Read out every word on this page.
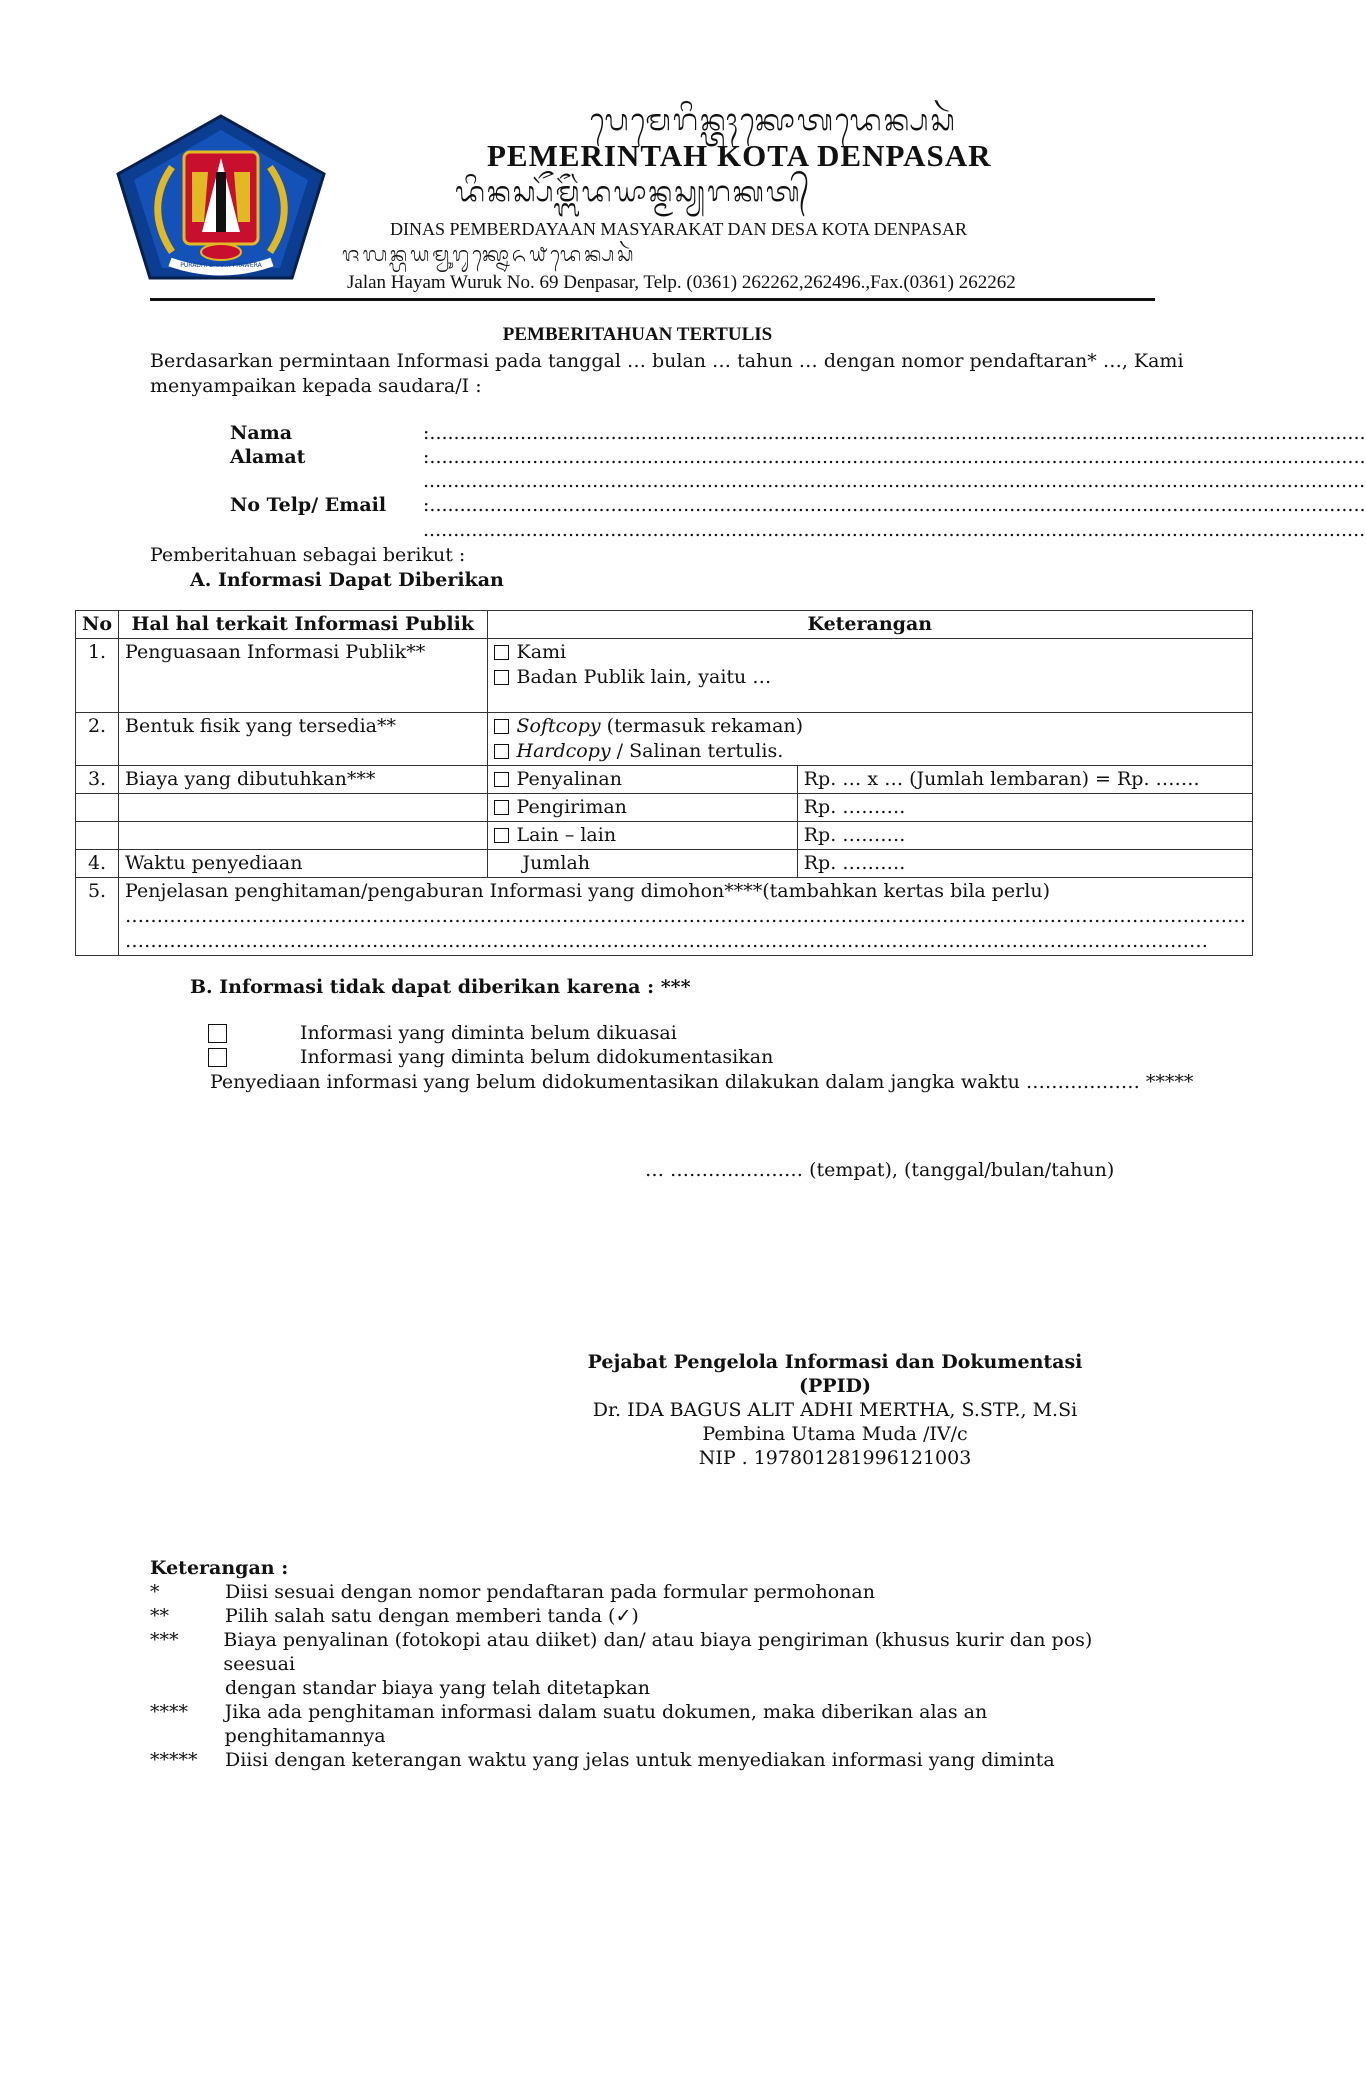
PURADHI BHAKTI PRAWERA
ᬧᬾᬫᬾᬭᬶᬦ᭄ᬢᬄᬓᭀᬢᬤᬾᬦ᭄ᬧᬲᬃ
PEMERINTAH KOTA DENPASAR
ᬤᬶᬦᬲ᭄ᬧᭂᬫ᭄ᬩᭂᬃᬤᬬᬵᬦ᭄ᬫᬲ᭄ᬬᬭᬓᬢ᭄
DINAS PEMBERDAYAAN MASYARAKAT DAN DESA KOTA DENPASAR
ᬚᬮᬦ᭄ᬳᬬᬫ᭄ᬯᬸᬭᬸᬓ᭄ᬦᭀ᭖᭙ᬤᬾᬦ᭄ᬧᬲᬃ
Jalan Hayam Wuruk No. 69 Denpasar, Telp. (0361) 262262,262496.,Fax.(0361) 262262
PEMBERITAHUAN TERTULIS
Berdasarkan permintaan Informasi pada tanggal … bulan … tahun … dengan nomor pendaftaran* …, Kami
menyampaikan kepada saudara/I :
Nama	:...........................................................................................................................................................
Alamat	:...........................................................................................................................................................
............................................................................................................................................................
No Telp/ Email :...........................................................................................................................................................
............................................................................................................................................................
Pemberitahuan sebagai berikut :
A. Informasi Dapat Diberikan
No	Hal hal terkait Informasi Publik	Keterangan	
1.	Penguasaan Informasi Publik**	Kami
Badan Publik lain, yaitu …	

2.	Bentuk fisik yang tersedia**	Softcopy (termasuk rekaman)
Hardcopy / Salinan tertulis.	

3.	Biaya yang dibutuhkan***	Penyalinan	Rp. … x … (Jumlah lembaran) = Rp. …….
		Pengiriman	Rp. ……….
		Lain – lain	Rp. ……….
4.	Waktu penyediaan	Jumlah	Rp. ……….
5.	Penjelasan penghitaman/pengaburan Informasi yang dimohon****(tambahkan kertas bila perlu)
……………………………………………………………………………………………………………………………………………………………
………………………………………………………………………………………………………………………………………………………		
B. Informasi tidak dapat diberikan karena : ***
Informasi yang diminta belum dikuasai
Informasi yang diminta belum didokumentasikan
Penyediaan informasi yang belum didokumentasikan dilakukan dalam jangka waktu ……………… *****
… ………………… (tempat), (tanggal/bulan/tahun)
Pejabat Pengelola Informasi dan Dokumentasi (PPID)
Dr. IDA BAGUS ALIT ADHI MERTHA, S.STP., M.Si
Pembina Utama Muda /IV/c
NIP . 197801281996121003
Keterangan :
*	Diisi sesuai dengan nomor pendaftaran pada formular permohonan
**	Pilih salah satu dengan memberi tanda (✓)
***	Biaya penyalinan (fotokopi atau diiket) dan/ atau biaya pengiriman (khusus kurir dan pos) seesuai
dengan standar biaya yang telah ditetapkan
****	Jika ada penghitaman informasi dalam suatu dokumen, maka diberikan alas an penghitamannya
*****	Diisi dengan keterangan waktu yang jelas untuk menyediakan informasi yang diminta
